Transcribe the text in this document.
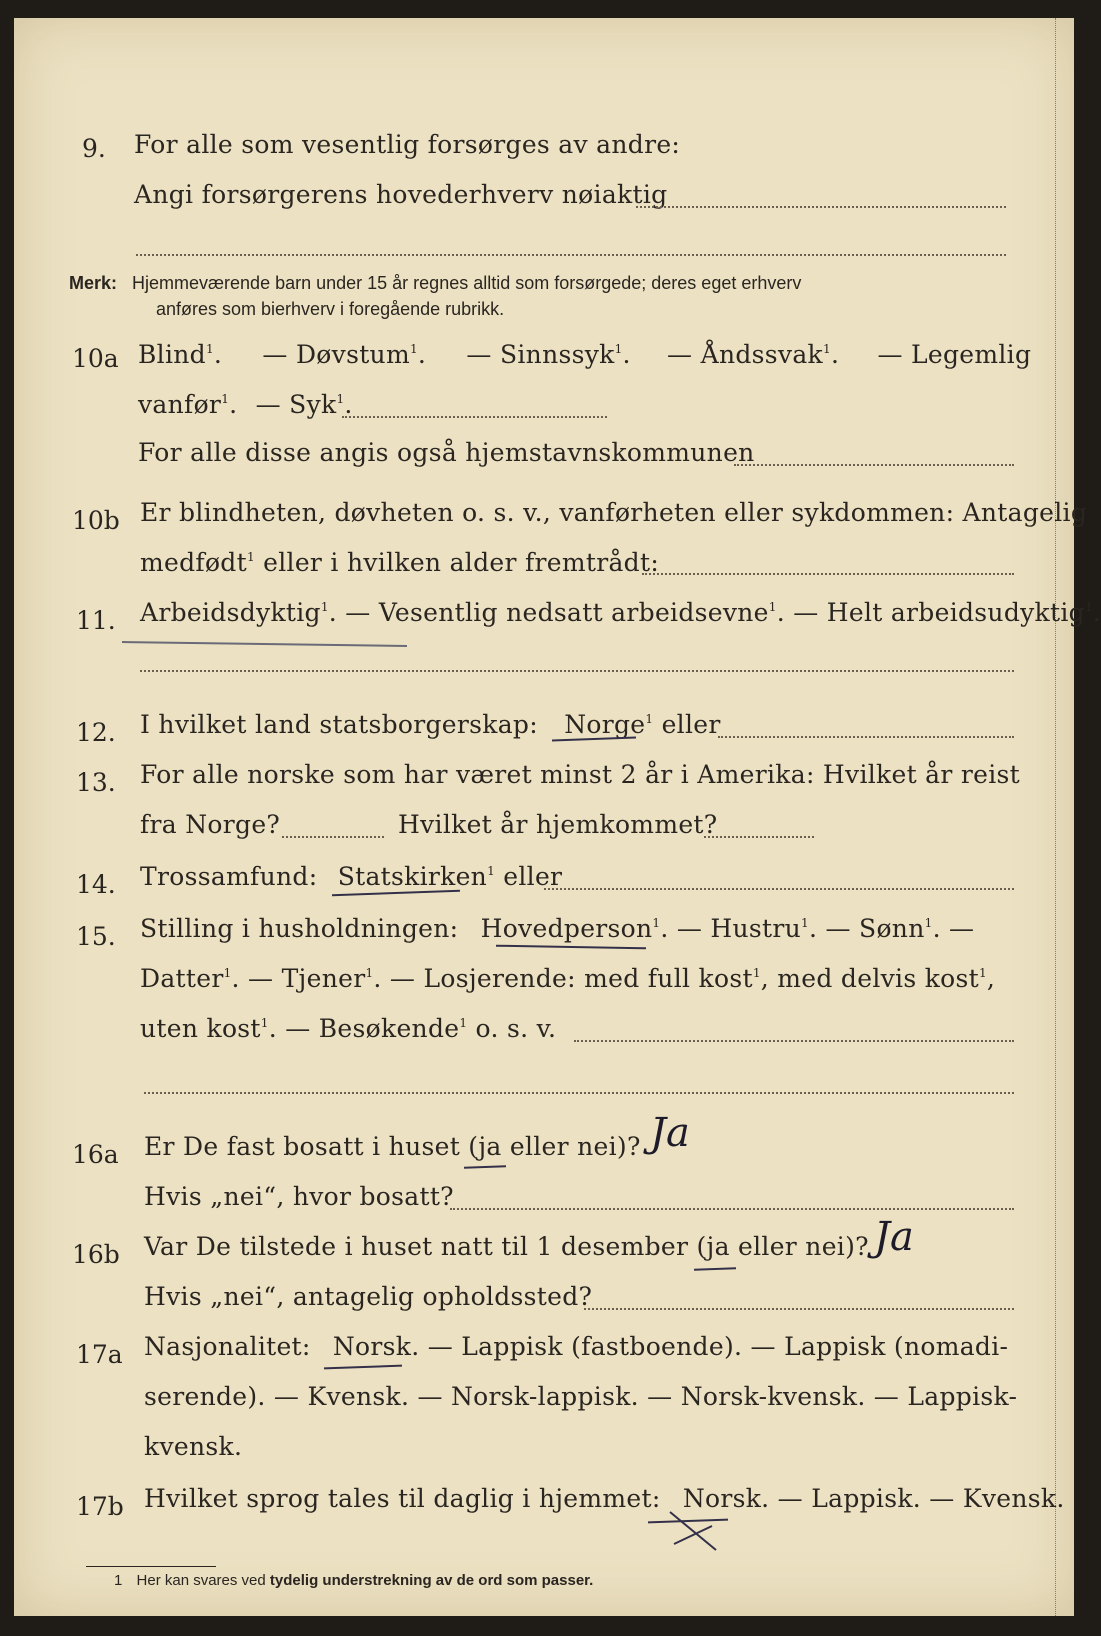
9. For alle som vesentlig forsørges av andre:
Angi forsørgerens hovederhverv nøiaktig
Merk: Hjemmeværende barn under 15 år regnes alltid som forsørgede; deres eget erhverv
anføres som bierhverv i foregående rubrikk.
10a Blind$^1$. — Døvstum$^1$. — Sinnssyk$^1$. — Åndssvak$^1$. — Legemlig
vanfør$^1$. — Syk$^1$.
For alle disse angis også hjemstavnskommunen
10b Er blindheten, døvheten o. s. v., vanførheten eller sykdommen: Antagelig
medfødt$^1$ eller i hvilken alder fremtrådt:
11. Arbeidsdyktig$^1$. — Vesentlig nedsatt arbeidsevne$^1$. — Helt arbeidsudyktig$^1$.
12. I hvilket land statsborgerskap: Norge$^1$ eller
13. For alle norske som har været minst 2 år i Amerika: Hvilket år reist
fra Norge?	Hvilket år hjemkommet?
14. Trossamfund: Statskirken$^1$ eller
15. Stilling i husholdningen: Hovedperson$^1$. — Hustru$^1$. — Sønn$^1$. —
Datter$^1$. — Tjener$^1$. — Losjerende: med full kost$^1$, med delvis kost$^1$,
uten kost$^1$. — Besøkende$^1$ o. s. v.
16a Er De fast bosatt i huset (ja eller nei)? Ja
Hvis „nei“, hvor bosatt?
16b Var De tilstede i huset natt til 1 desember (ja eller nei)? Ja
Hvis „nei“, antagelig opholdssted?
17a Nasjonalitet: Norsk. — Lappisk (fastboende). — Lappisk (nomadi-
serende). — Kvensk. — Norsk-lappisk. — Norsk-kvensk. — Lappisk-
kvensk.
17b Hvilket sprog tales til daglig i hjemmet: Norsk. — Lappisk. — Kvensk.
1 Her kan svares ved tydelig understrekning av de ord som passer.
